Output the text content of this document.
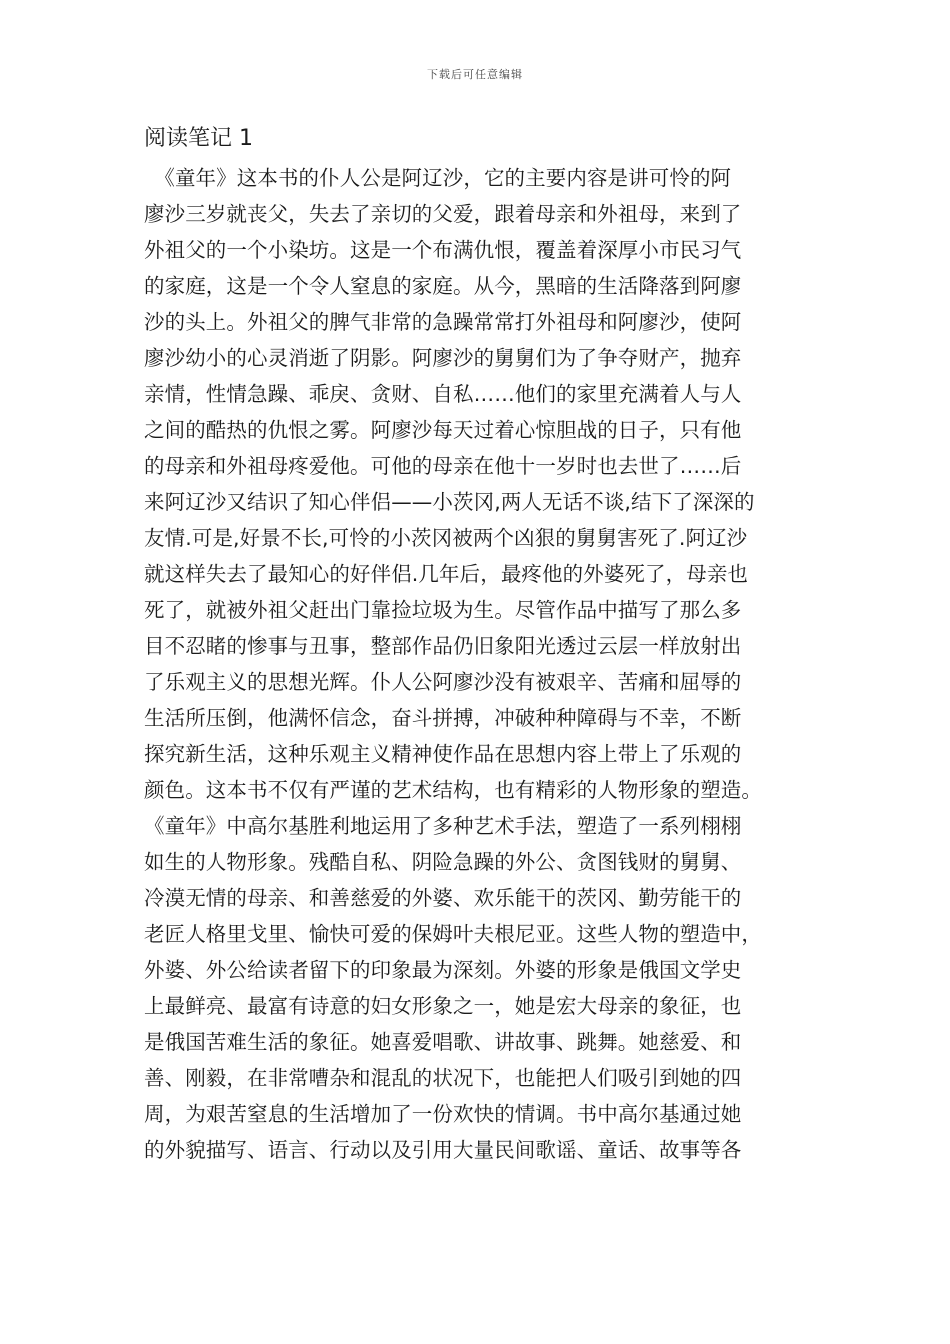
下载后可任意编辑
阅读笔记 1
　《童年》这本书的仆人公是阿辽沙，它的主要内容是讲可怜的阿
廖沙三岁就丧父，失去了亲切的父爱，跟着母亲和外祖母，来到了
外祖父的一个小染坊。这是一个布满仇恨，覆盖着深厚小市民习气
的家庭，这是一个令人窒息的家庭。从今，黑暗的生活降落到阿廖
沙的头上。外祖父的脾气非常的急躁常常打外祖母和阿廖沙，使阿
廖沙幼小的心灵消逝了阴影。阿廖沙的舅舅们为了争夺财产，抛弃
亲情，性情急躁、乖戾、贪财、自私……他们的家里充满着人与人
之间的酷热的仇恨之雾。阿廖沙每天过着心惊胆战的日子，只有他
的母亲和外祖母疼爱他。可他的母亲在他十一岁时也去世了……后
来阿辽沙又结识了知心伴侣——小茨冈,两人无话不谈,结下了深深的
友情.可是,好景不长,可怜的小茨冈被两个凶狠的舅舅害死了.阿辽沙
就这样失去了最知心的好伴侣.几年后，最疼他的外婆死了，母亲也
死了，就被外祖父赶出门靠捡垃圾为生。尽管作品中描写了那么多
目不忍睹的惨事与丑事，整部作品仍旧象阳光透过云层一样放射出
了乐观主义的思想光辉。仆人公阿廖沙没有被艰辛、苦痛和屈辱的
生活所压倒，他满怀信念，奋斗拼搏，冲破种种障碍与不幸，不断
探究新生活，这种乐观主义精神使作品在思想内容上带上了乐观的
颜色。这本书不仅有严谨的艺术结构，也有精彩的人物形象的塑造。
《童年》中高尔基胜利地运用了多种艺术手法，塑造了一系列栩栩
如生的人物形象。残酷自私、阴险急躁的外公、贪图钱财的舅舅、
冷漠无情的母亲、和善慈爱的外婆、欢乐能干的茨冈、勤劳能干的
老匠人格里戈里、愉快可爱的保姆叶夫根尼亚。这些人物的塑造中，
外婆、外公给读者留下的印象最为深刻。外婆的形象是俄国文学史
上最鲜亮、最富有诗意的妇女形象之一，她是宏大母亲的象征，也
是俄国苦难生活的象征。她喜爱唱歌、讲故事、跳舞。她慈爱、和
善、刚毅，在非常嘈杂和混乱的状况下，也能把人们吸引到她的四
周，为艰苦窒息的生活增加了一份欢快的情调。书中高尔基通过她
的外貌描写、语言、行动以及引用大量民间歌谣、童话、故事等各
